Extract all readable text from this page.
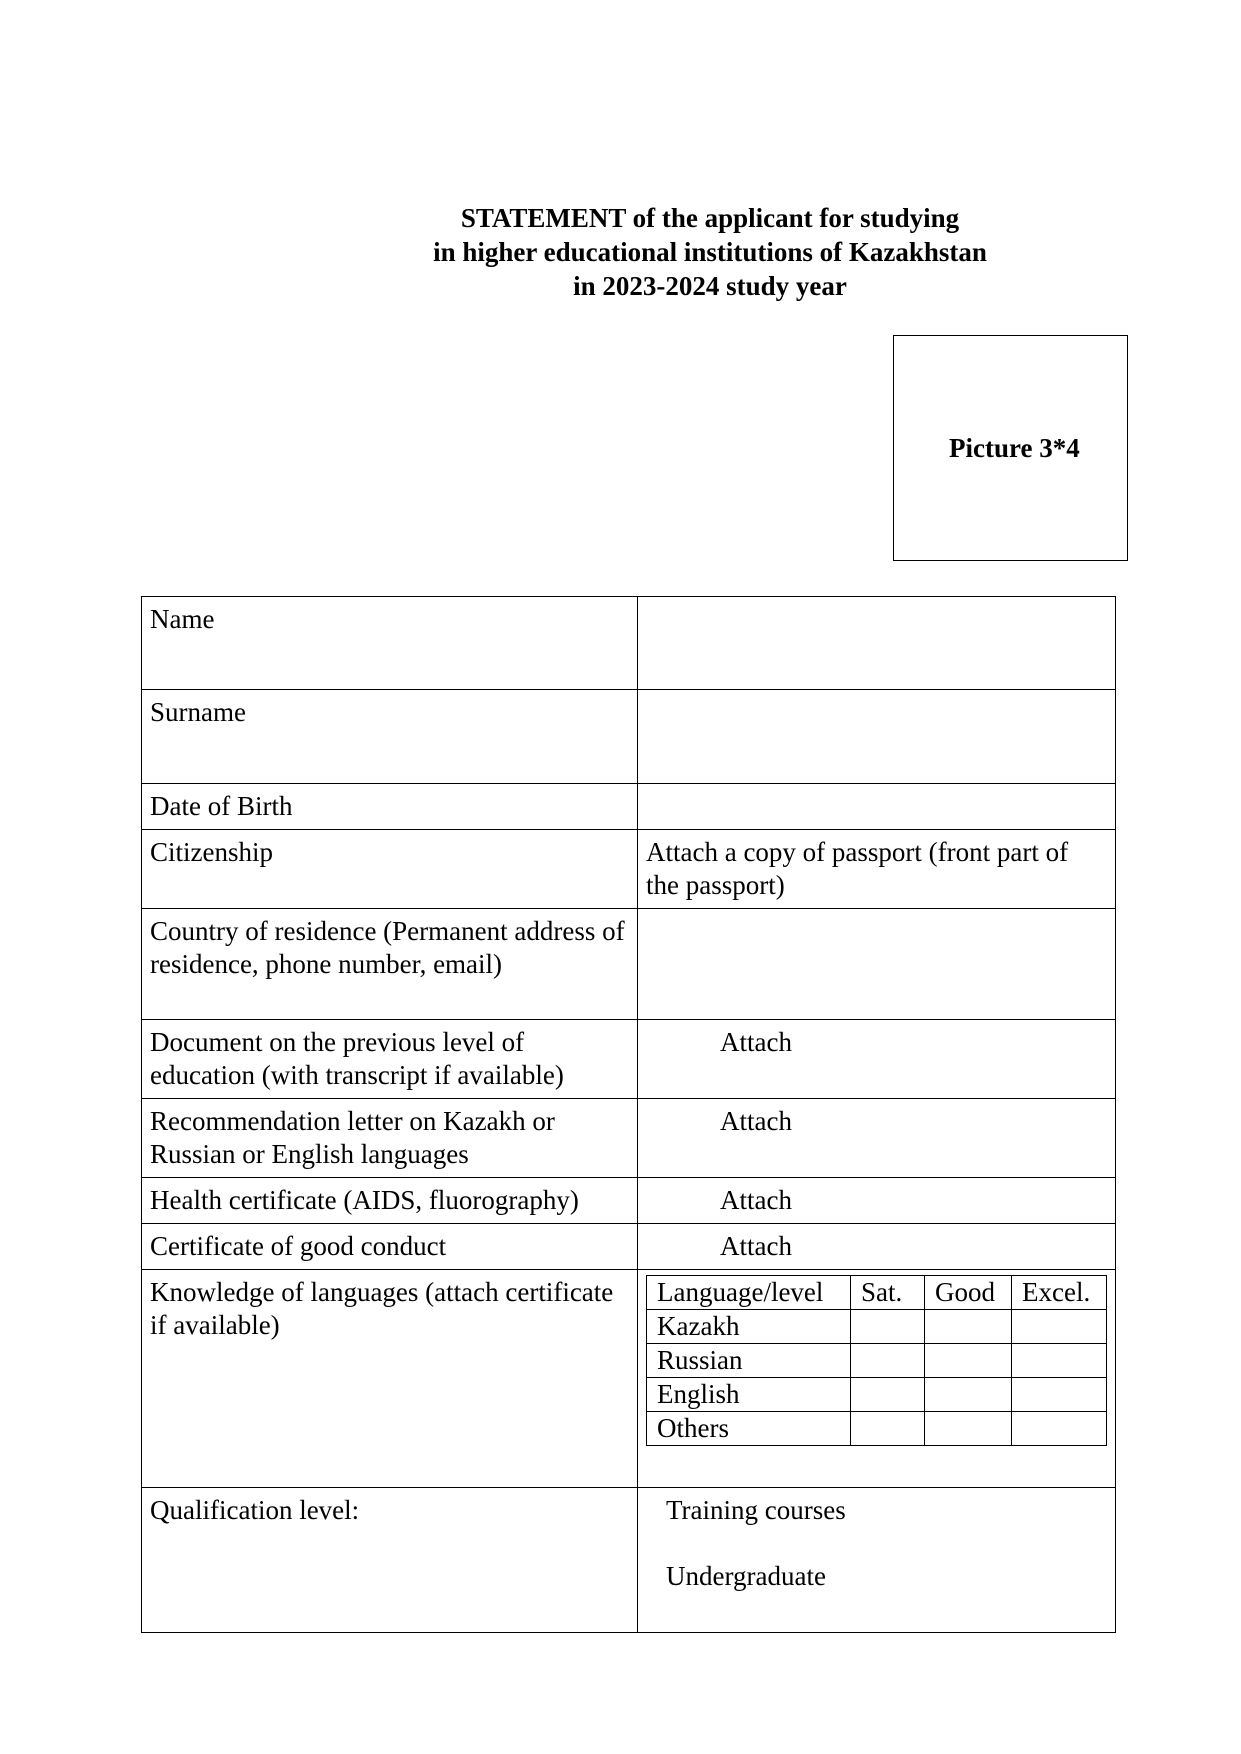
STATEMENT of the applicant for studying
in higher educational institutions of Kazakhstan
in 2023-2024 study year
Picture 3*4
Name	
Surname	
Date of Birth	
Citizenship	Attach a copy of passport (front part of the passport)
Country of residence (Permanent address of residence, phone number, email)	
Document on the previous level of education (with transcript if available)	Attach
Recommendation letter on Kazakh or Russian or English languages	Attach
Health certificate (AIDS, fluorography)	Attach
Certificate of good conduct	Attach
Knowledge of languages (attach certificate if available)	
Language/level	Sat.	Good	Excel.
Kazakh			
Russian			
English			
Others			

Qualification level:	Training courses
Undergraduate
